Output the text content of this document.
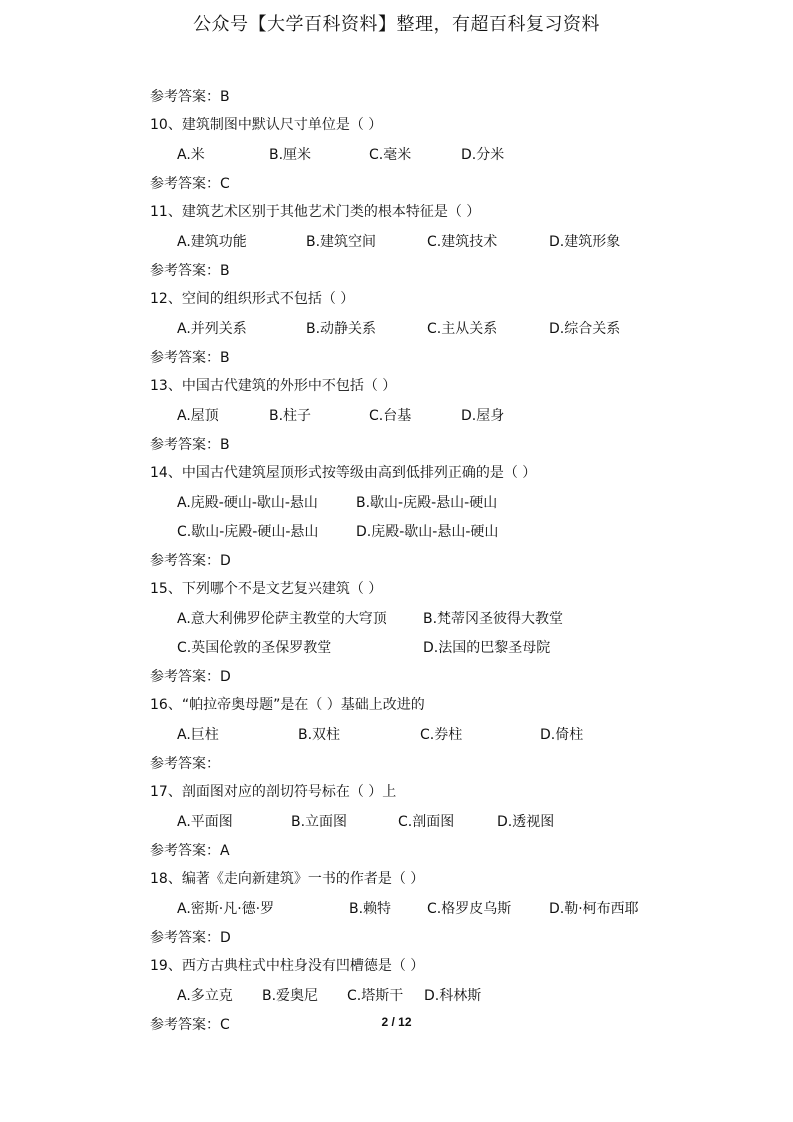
公众号【大学百科资料】整理，有超百科复习资料
参考答案：B
10、建筑制图中默认尺寸单位是（ ）
A.米	B.厘米	C.毫米	D.分米
参考答案：C
11、建筑艺术区别于其他艺术门类的根本特征是（ ）
A.建筑功能	B.建筑空间	C.建筑技术	D.建筑形象
参考答案：B
12、空间的组织形式不包括（ ）
A.并列关系	B.动静关系	C.主从关系	D.综合关系
参考答案：B
13、中国古代建筑的外形中不包括（ ）
A.屋顶	B.柱子	C.台基	D.屋身
参考答案：B
14、中国古代建筑屋顶形式按等级由高到低排列正确的是（ ）
A.庑殿-硬山-歇山-悬山	B.歇山-庑殿-悬山-硬山
C.歇山-庑殿-硬山-悬山	D.庑殿-歇山-悬山-硬山
参考答案：D
15、下列哪个不是文艺复兴建筑（ ）
A.意大利佛罗伦萨主教堂的大穹顶	B.梵蒂冈圣彼得大教堂
C.英国伦敦的圣保罗教堂	D.法国的巴黎圣母院
参考答案：D
16、“帕拉帝奥母题”是在（ ）基础上改进的
A.巨柱	B.双柱	C.券柱	D.倚柱
参考答案：
17、剖面图对应的剖切符号标在（ ）上
A.平面图	B.立面图	C.剖面图	D.透视图
参考答案：A
18、编著《走向新建筑》一书的作者是（ ）
A.密斯·凡·德·罗	B.赖特	C.格罗皮乌斯	D.勒·柯布西耶
参考答案：D
19、西方古典柱式中柱身没有凹槽德是（ ）
A.多立克 B.爱奥尼 C.塔斯干 D.科林斯
参考答案：C	2 / 12
